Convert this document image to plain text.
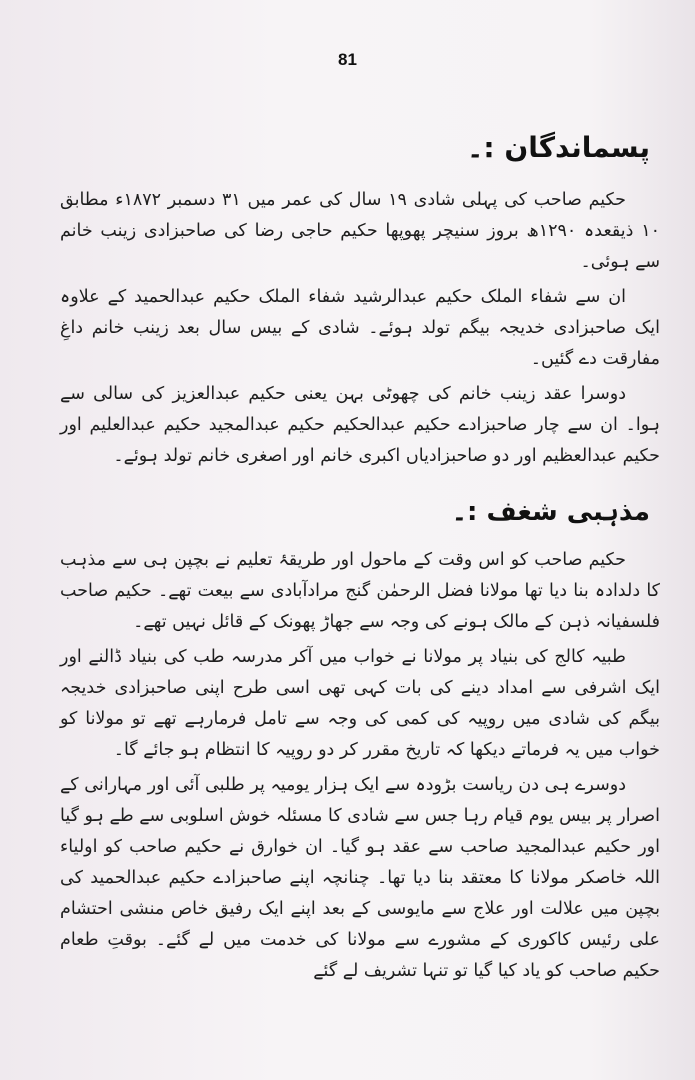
81
پسماندگان :۔

حکیم صاحب کی پہلی شادی ۱۹ سال کی عمر میں ۳۱ دسمبر ۱۸۷۲ء مطابق ۱۰ ذیقعدہ ۱۲۹۰ھ بروز سنیچر پھوپھا حکیم حاجی رضا کی صاحبزادی زینب خانم سے ہوئی۔

ان سے شفاء الملک حکیم عبدالرشید شفاء الملک حکیم عبدالحمید کے علاوہ ایک صاحبزادی خدیجہ بیگم تولد ہوئے۔ شادی کے بیس سال بعد زینب خانم داغِ مفارقت دے گئیں۔

دوسرا عقد زینب خانم کی چھوٹی بہن یعنی حکیم عبدالعزیز کی سالی سے ہوا۔ ان سے چار صاحبزادے حکیم عبدالحکیم حکیم عبدالمجید حکیم عبدالعلیم اور حکیم عبدالعظیم اور دو صاحبزادیاں اکبری خانم اور اصغری خانم تولد ہوئے۔

مذہبی شغف :۔

حکیم صاحب کو اس وقت کے ماحول اور طریقۂ تعلیم نے بچپن ہی سے مذہب کا دلدادہ بنا دیا تھا مولانا فضل الرحمٰن گنج مرادآبادی سے بیعت تھے۔ حکیم صاحب فلسفیانہ ذہن کے مالک ہونے کی وجہ سے جھاڑ پھونک کے قائل نہیں تھے۔

طبیہ کالج کی بنیاد پر مولانا نے خواب میں آکر مدرسہ طب کی بنیاد ڈالنے اور ایک اشرفی سے امداد دینے کی بات کہی تھی اسی طرح اپنی صاحبزادی خدیجہ بیگم کی شادی میں روپیہ کی کمی کی وجہ سے تامل فرمارہے تھے تو مولانا کو خواب میں یہ فرماتے دیکھا کہ تاریخ مقرر کر دو روپیہ کا انتظام ہو جائے گا۔

دوسرے ہی دن ریاست بڑودہ سے ایک ہزار یومیہ پر طلبی آئی اور مہارانی کے اصرار پر بیس یوم قیام رہا جس سے شادی کا مسئلہ خوش اسلوبی سے طے ہو گیا اور حکیم عبدالمجید صاحب سے عقد ہو گیا۔ ان خوارق نے حکیم صاحب کو اولیاء اللہ خاصکر مولانا کا معتقد بنا دیا تھا۔ چنانچہ اپنے صاحبزادے حکیم عبدالحمید کی بچپن میں علالت اور علاج سے مایوسی کے بعد اپنے ایک رفیق خاص منشی احتشام علی رئیس کاکوری کے مشورے سے مولانا کی خدمت میں لے گئے۔ بوقتِ طعام حکیم صاحب کو یاد کیا گیا تو تنہا تشریف لے گئے
